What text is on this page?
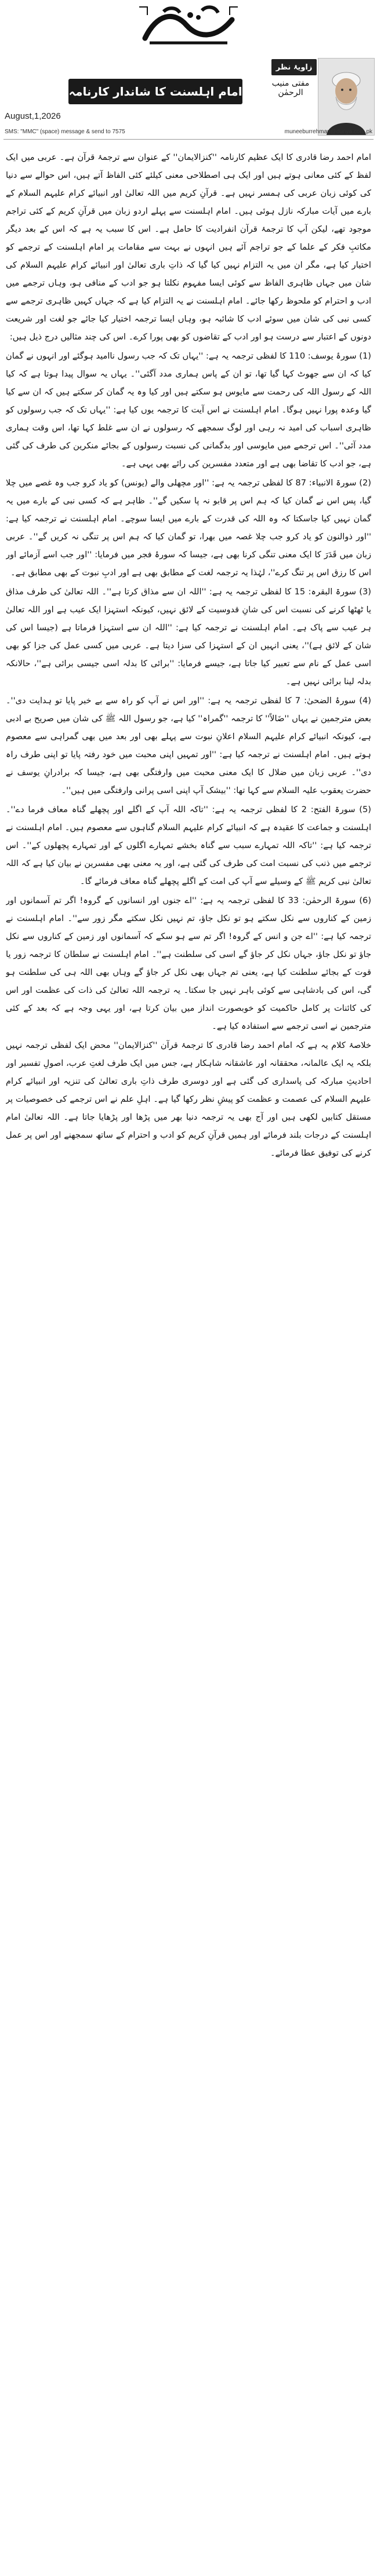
زاویۂ نظر
مفتی منیب الرحمٰن
امام اہلسنت کا شاندار کارنامہ
August,1,2026
SMS: "MMC" (space) message & send to 7575	muneeburrehman@dunya.com.pk

امام احمد رضا قادری کا ایک عظیم کارنامہ ''کنزالایمان'' کے عنوان سے ترجمۂ قرآن ہے۔ عربی میں ایک لفظ کے کئی معانی ہوتے ہیں اور ایک ہی اصطلاحی معنی کیلئے کئی الفاظ آتے ہیں، اس حوالے سے دنیا کی کوئی زبان عربی کی ہمسر نہیں ہے۔ قرآنِ کریم میں اللہ تعالیٰ اور انبیائے کرام علیہم السلام کے بارے میں آیات مبارکہ نازل ہوئی ہیں۔ امام اہلسنت سے پہلے اردو زبان میں قرآنِ کریم کے کئی تراجم موجود تھے، لیکن آپ کا ترجمۂ قرآن انفرادیت کا حامل ہے۔ اس کا سبب یہ ہے کہ اس کے بعد دیگر مکاتبِ فکر کے علما کے جو تراجم آئے ہیں انہوں نے بہت سے مقامات پر امام اہلسنت کے ترجمے کو اختیار کیا ہے، مگر ان میں یہ التزام نہیں کیا گیا کہ ذاتِ باری تعالیٰ اور انبیائے کرام علیہم السلام کی شان میں جہاں ظاہری الفاظ سے کوئی ایسا مفہوم نکلتا ہو جو ادب کے منافی ہو، وہاں ترجمے میں ادب و احترام کو ملحوظ رکھا جائے۔ امام اہلسنت نے یہ التزام کیا ہے کہ جہاں کہیں ظاہری ترجمے سے کسی نبی کی شان میں سوئے ادب کا شائبہ ہو، وہاں ایسا ترجمہ اختیار کیا جائے جو لغت اور شریعت دونوں کے اعتبار سے درست ہو اور ادب کے تقاضوں کو بھی پورا کرے۔ اس کی چند مثالیں درج ذیل ہیں:

(1) سورۂ یوسف: 110 کا لفظی ترجمہ یہ ہے: ''یہاں تک کہ جب رسول ناامید ہوگئے اور انہوں نے گمان کیا کہ ان سے جھوٹ کہا گیا تھا، تو ان کے پاس ہماری مدد آگئی''۔ یہاں یہ سوال پیدا ہوتا ہے کہ کیا اللہ کے رسول اللہ کی رحمت سے مایوس ہو سکتے ہیں اور کیا وہ یہ گمان کر سکتے ہیں کہ ان سے کیا گیا وعدہ پورا نہیں ہوگا۔ امام اہلسنت نے اس آیت کا ترجمہ یوں کیا ہے: ''یہاں تک کہ جب رسولوں کو ظاہری اسباب کی امید نہ رہی اور لوگ سمجھے کہ رسولوں نے ان سے غلط کہا تھا، اس وقت ہماری مدد آئی''۔ اس ترجمے میں مایوسی اور بدگمانی کی نسبت رسولوں کے بجائے منکرین کی طرف کی گئی ہے، جو ادب کا تقاضا بھی ہے اور متعدد مفسرین کی رائے بھی یہی ہے۔

(2) سورۃ الانبیاء: 87 کا لفظی ترجمہ یہ ہے: ''اور مچھلی والے (یونس) کو یاد کرو جب وہ غصے میں چلا گیا، پس اس نے گمان کیا کہ ہم اس پر قابو نہ پا سکیں گے''۔ ظاہر ہے کہ کسی نبی کے بارے میں یہ گمان نہیں کیا جاسکتا کہ وہ اللہ کی قدرت کے بارے میں ایسا سوچے۔ امام اہلسنت نے ترجمہ کیا ہے: ''اور ذوالنون کو یاد کرو جب چلا غصہ میں بھرا، تو گمان کیا کہ ہم اس پر تنگی نہ کریں گے''۔ عربی زبان میں قَدَرَ کا ایک معنی تنگی کرنا بھی ہے، جیسا کہ سورۂ فجر میں فرمایا: ''اور جب اسے آزمائے اور اس کا رزق اس پر تنگ کرے''، لہٰذا یہ ترجمہ لغت کے مطابق بھی ہے اور ادبِ نبوت کے بھی مطابق ہے۔

(3) سورۃ البقرہ: 15 کا لفظی ترجمہ یہ ہے: ''اللہ ان سے مذاق کرتا ہے''۔ اللہ تعالیٰ کی طرف مذاق یا ٹھٹھا کرنے کی نسبت اس کی شانِ قدوسیت کے لائق نہیں، کیونکہ استہزا ایک عیب ہے اور اللہ تعالیٰ ہر عیب سے پاک ہے۔ امام اہلسنت نے ترجمہ کیا ہے: ''اللہ ان سے استہزا فرماتا ہے (جیسا اس کی شان کے لائق ہے)''، یعنی انہیں ان کے استہزا کی سزا دیتا ہے۔ عربی میں کسی عمل کی جزا کو بھی اسی عمل کے نام سے تعبیر کیا جاتا ہے، جیسے فرمایا: ''برائی کا بدلہ اسی جیسی برائی ہے''، حالانکہ بدلہ لینا برائی نہیں ہے۔

(4) سورۂ الضحیٰ: 7 کا لفظی ترجمہ یہ ہے: ''اور اس نے آپ کو راہ سے بے خبر پایا تو ہدایت دی''۔ بعض مترجمین نے یہاں ''ضَالاً'' کا ترجمہ ''گمراہ'' کیا ہے، جو رسول اللہ ﷺ کی شان میں صریح بے ادبی ہے، کیونکہ انبیائے کرام علیہم السلام اعلانِ نبوت سے پہلے بھی اور بعد میں بھی گمراہی سے معصوم ہوتے ہیں۔ امام اہلسنت نے ترجمہ کیا ہے: ''اور تمہیں اپنی محبت میں خود رفتہ پایا تو اپنی طرف راہ دی''۔ عربی زبان میں ضلال کا ایک معنی محبت میں وارفتگی بھی ہے، جیسا کہ برادرانِ یوسف نے حضرت یعقوب علیہ السلام سے کہا تھا: ''بیشک آپ اپنی اسی پرانی وارفتگی میں ہیں''۔

(5) سورۃ الفتح: 2 کا لفظی ترجمہ یہ ہے: ''تاکہ اللہ آپ کے اگلے اور پچھلے گناہ معاف فرما دے''۔ اہلسنت و جماعت کا عقیدہ ہے کہ انبیائے کرام علیہم السلام گناہوں سے معصوم ہیں۔ امام اہلسنت نے ترجمہ کیا ہے: ''تاکہ اللہ تمہارے سبب سے گناہ بخشے تمہارے اگلوں کے اور تمہارے پچھلوں کے''۔ اس ترجمے میں ذنب کی نسبت امت کی طرف کی گئی ہے، اور یہ معنی بھی مفسرین نے بیان کیا ہے کہ اللہ تعالیٰ نبی کریم ﷺ کے وسیلے سے آپ کی امت کے اگلے پچھلے گناہ معاف فرمائے گا۔

(6) سورۃ الرحمٰن: 33 کا لفظی ترجمہ یہ ہے: ''اے جنوں اور انسانوں کے گروہ! اگر تم آسمانوں اور زمین کے کناروں سے نکل سکتے ہو تو نکل جاؤ، تم نہیں نکل سکتے مگر زور سے''۔ امام اہلسنت نے ترجمہ کیا ہے: ''اے جن و انس کے گروہ! اگر تم سے ہو سکے کہ آسمانوں اور زمین کے کناروں سے نکل جاؤ تو نکل جاؤ، جہاں نکل کر جاؤ گے اسی کی سلطنت ہے''۔ امام اہلسنت نے سلطان کا ترجمہ زور یا قوت کے بجائے سلطنت کیا ہے، یعنی تم جہاں بھی نکل کر جاؤ گے وہاں بھی اللہ ہی کی سلطنت ہو گی، اس کی بادشاہی سے کوئی باہر نہیں جا سکتا۔ یہ ترجمہ اللہ تعالیٰ کی ذات کی عظمت اور اس کی کائنات پر کامل حاکمیت کو خوبصورت انداز میں بیان کرتا ہے، اور یہی وجہ ہے کہ بعد کے کئی مترجمین نے اسی ترجمے سے استفادہ کیا ہے۔

خلاصۂ کلام یہ ہے کہ امام احمد رضا قادری کا ترجمۂ قرآن ''کنزالایمان'' محض ایک لفظی ترجمہ نہیں بلکہ یہ ایک عالمانہ، محققانہ اور عاشقانہ شاہکار ہے، جس میں ایک طرف لغتِ عرب، اصولِ تفسیر اور احادیثِ مبارکہ کی پاسداری کی گئی ہے اور دوسری طرف ذاتِ باری تعالیٰ کی تنزیہ اور انبیائے کرام علیہم السلام کی عصمت و عظمت کو پیشِ نظر رکھا گیا ہے۔ اہلِ علم نے اس ترجمے کی خصوصیات پر مستقل کتابیں لکھی ہیں اور آج بھی یہ ترجمہ دنیا بھر میں پڑھا اور پڑھایا جاتا ہے۔ اللہ تعالیٰ امام اہلسنت کے درجات بلند فرمائے اور ہمیں قرآنِ کریم کو ادب و احترام کے ساتھ سمجھنے اور اس پر عمل کرنے کی توفیق عطا فرمائے۔
